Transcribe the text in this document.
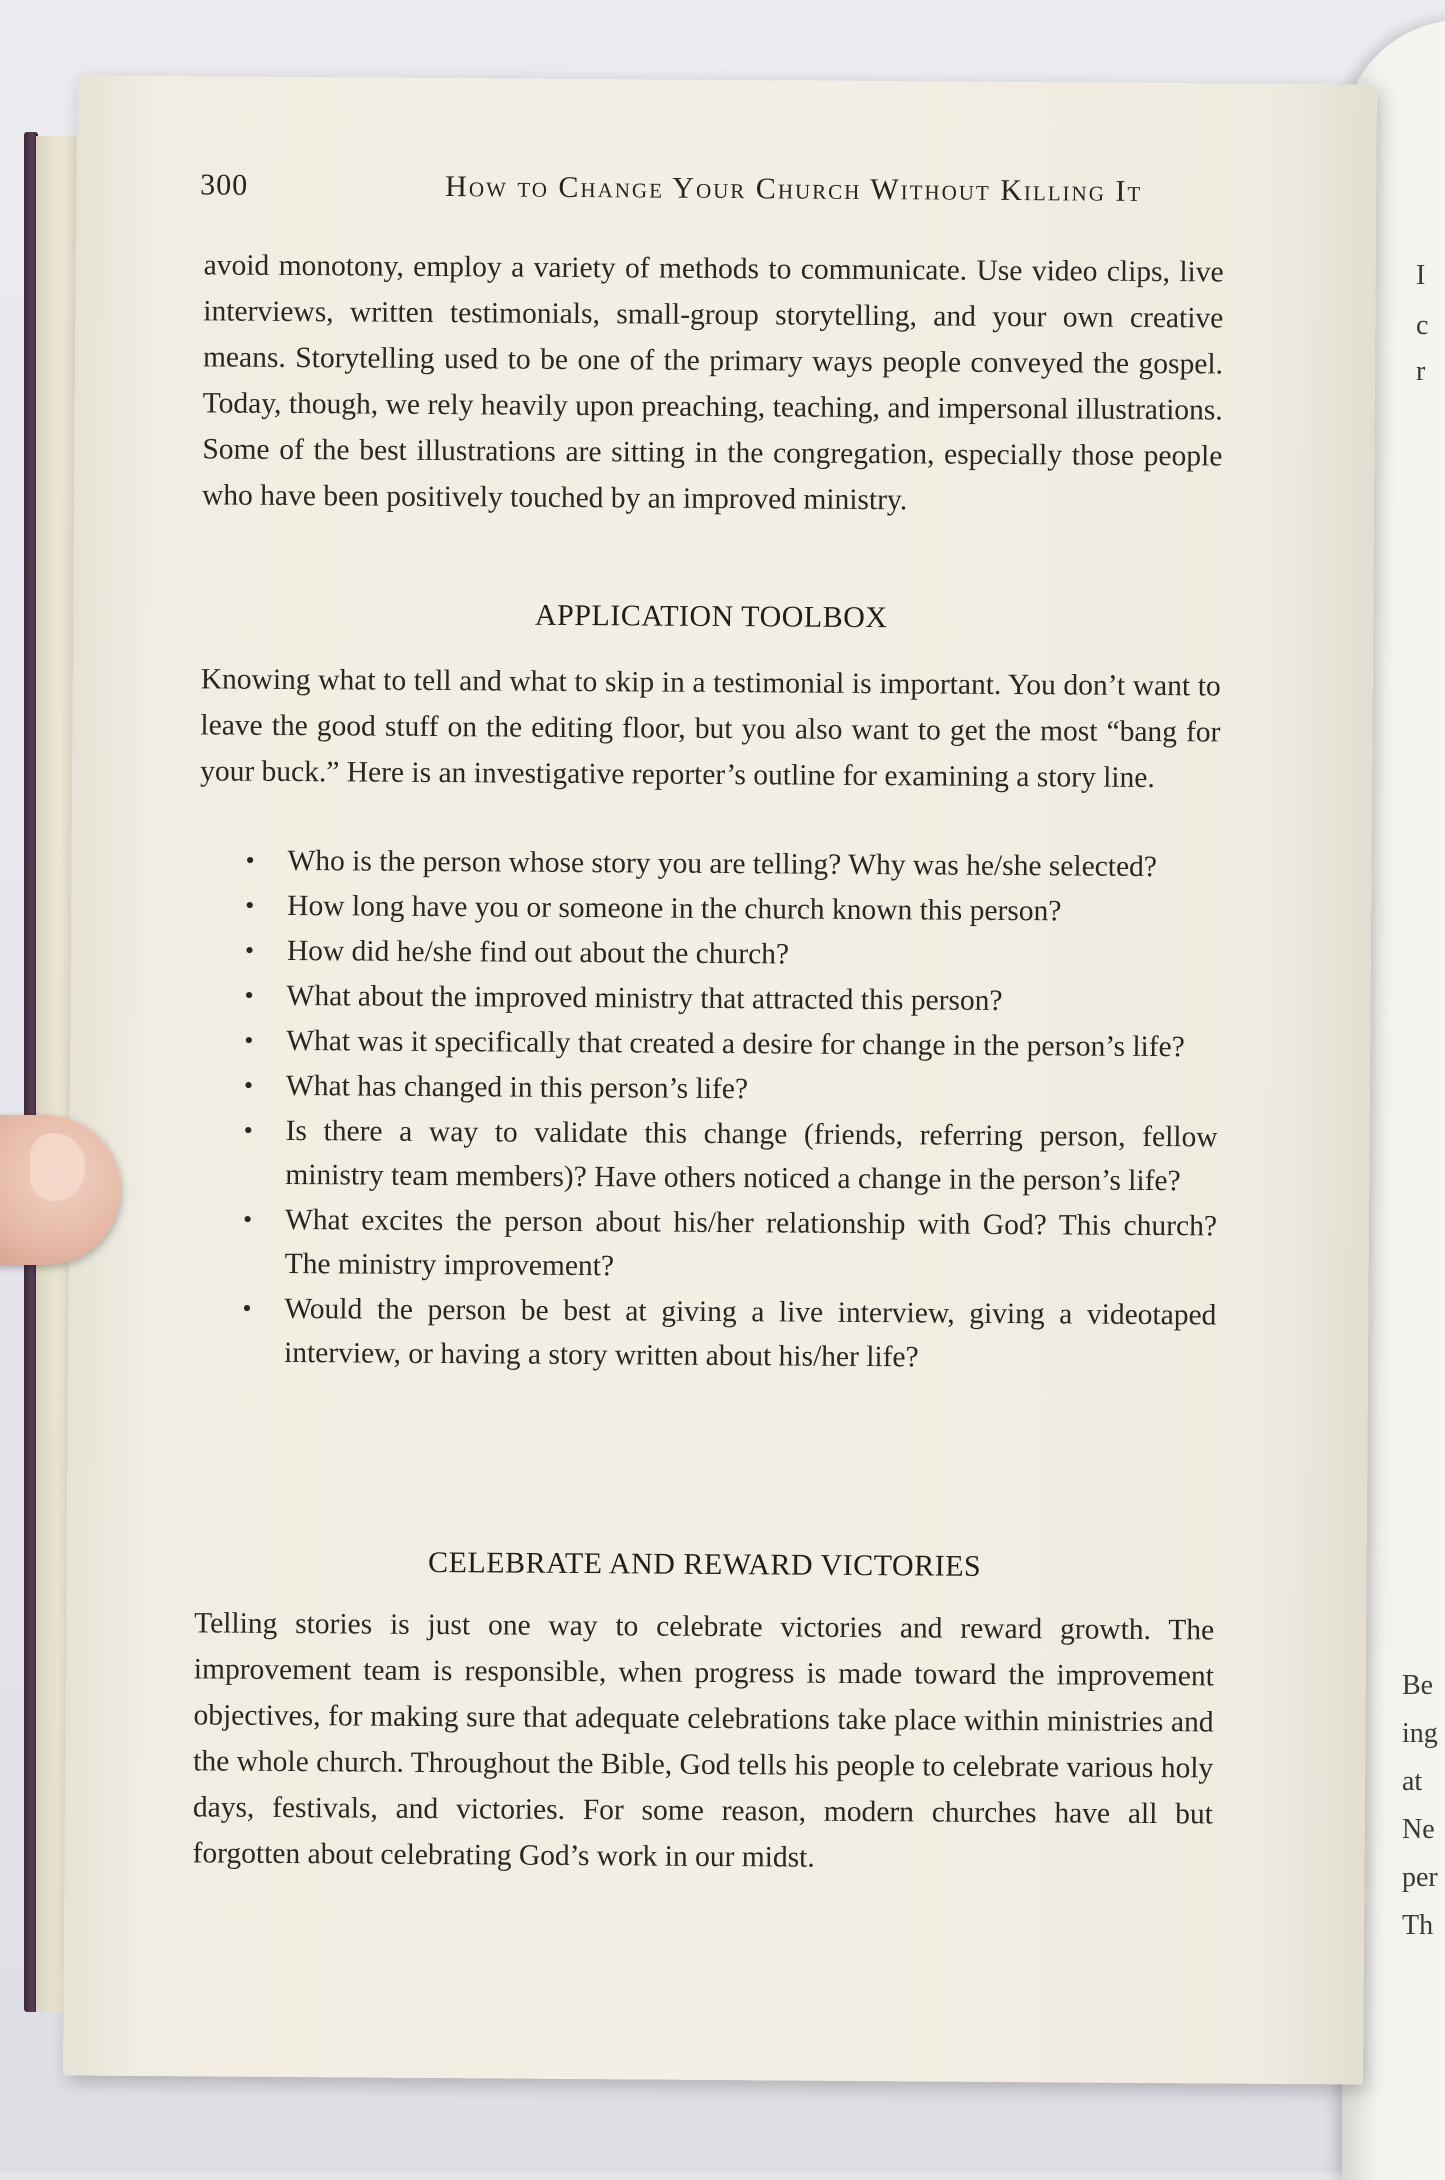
I
c
r
Be
ing
at
Ne
per
Th
300	How to Change Your Church Without Killing It

avoid monotony, employ a variety of methods to communicate. Use video clips, live interviews, written testimonials, small-group storytelling, and your own creative means. Storytelling used to be one of the primary ways people conveyed the gospel. Today, though, we rely heavily upon preaching, teaching, and impersonal illustrations. Some of the best illustrations are sitting in the congregation, especially those people who have been positively touched by an improved ministry.

APPLICATION TOOLBOX

Knowing what to tell and what to skip in a testimonial is important. You don’t want to leave the good stuff on the editing floor, but you also want to get the most “bang for your buck.” Here is an investigative reporter’s outline for examining a story line.

• Who is the person whose story you are telling? Why was he/she selected?
• How long have you or someone in the church known this person?
• How did he/she find out about the church?
• What about the improved ministry that attracted this person?
• What was it specifically that created a desire for change in the person’s life?
• What has changed in this person’s life?
• Is there a way to validate this change (friends, referring person, fellow ministry team members)? Have others noticed a change in the person’s life?
• What excites the person about his/her relationship with God? This church? The ministry improvement?
• Would the person be best at giving a live interview, giving a videotaped interview, or having a story written about his/her life?
CELEBRATE AND REWARD VICTORIES

Telling stories is just one way to celebrate victories and reward growth. The improvement team is responsible, when progress is made toward the improvement objectives, for making sure that adequate celebrations take place within ministries and the whole church. Throughout the Bible, God tells his people to celebrate various holy days, festivals, and victories. For some reason, modern churches have all but forgotten about celebrating God’s work in our midst.
